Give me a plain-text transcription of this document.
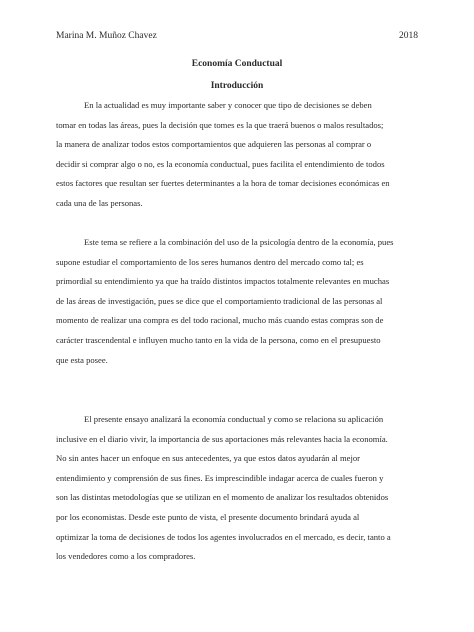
Marina M. Muñoz Chavez	2018
Economía Conductual
Introducción
En la actualidad es muy importante saber y conocer que tipo de decisiones se deben
tomar en todas las áreas, pues la decisión que tomes es la que traerá buenos o malos resultados;
la manera de analizar todos estos comportamientos que adquieren las personas al comprar o
decidir si comprar algo o no, es la economía conductual, pues facilita el entendimiento de todos
estos factores que resultan ser fuertes determinantes a la hora de tomar decisiones económicas en
cada una de las personas.
Este tema se refiere a la combinación del uso de la psicología dentro de la economía, pues
supone estudiar el comportamiento de los seres humanos dentro del mercado como tal; es
primordial su entendimiento ya que ha traído distintos impactos totalmente relevantes en muchas
de las áreas de investigación, pues se dice que el comportamiento tradicional de las personas al
momento de realizar una compra es del todo racional, mucho más cuando estas compras son de
carácter trascendental e influyen mucho tanto en la vida de la persona, como en el presupuesto
que esta posee.
El presente ensayo analizará la economía conductual y como se relaciona su aplicación
inclusive en el diario vivir, la importancia de sus aportaciones más relevantes hacia la economía.
No sin antes hacer un enfoque en sus antecedentes, ya que estos datos ayudarán al mejor
entendimiento y comprensión de sus fines. Es imprescindible indagar acerca de cuales fueron y
son las distintas metodologías que se utilizan en el momento de analizar los resultados obtenidos
por los economistas. Desde este punto de vista, el presente documento brindará ayuda al
optimizar la toma de decisiones de todos los agentes involucrados en el mercado, es decir, tanto a
los vendedores como a los compradores.
